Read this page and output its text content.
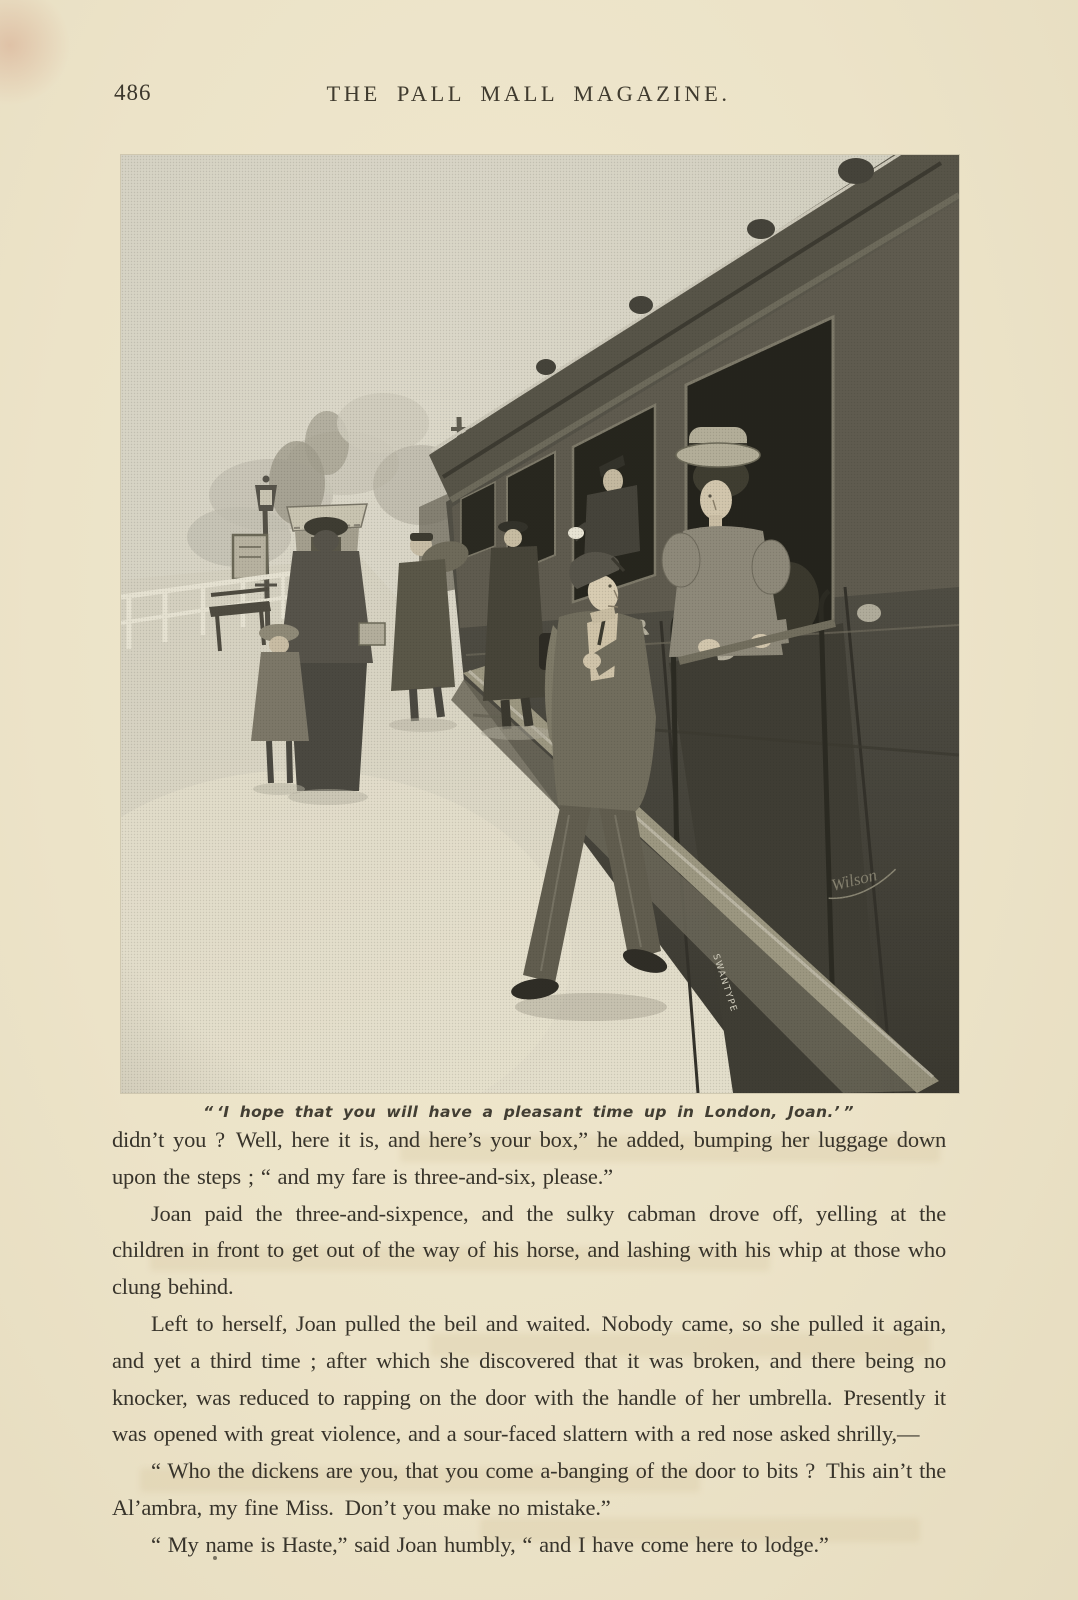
486	THE PALL MALL MAGAZINE.

“ ‘I hope that you will have a pleasant time up in London, Joan.’ ”

didn’t you ? Well, here it is, and here’s your box,” he added, bumping her luggage down upon the steps ; “ and my fare is three-and-six, please.”

Joan paid the three-and-sixpence, and the sulky cabman drove off, yelling at the children in front to get out of the way of his horse, and lashing with his whip at those who clung behind.

Left to herself, Joan pulled the beil and waited. Nobody came, so she pulled it again, and yet a third time ; after which she discovered that it was broken, and there being no knocker, was reduced to rapping on the door with the handle of her umbrella. Presently it was opened with great violence, and a sour-faced slattern with a red nose asked shrilly,—

“ Who the dickens are you, that you come a-banging of the door to bits ? This ain’t the Al’ambra, my fine Miss. Don’t you make no mistake.”

“ My name is Haste,” said Joan humbly, “ and I have come here to lodge.”
